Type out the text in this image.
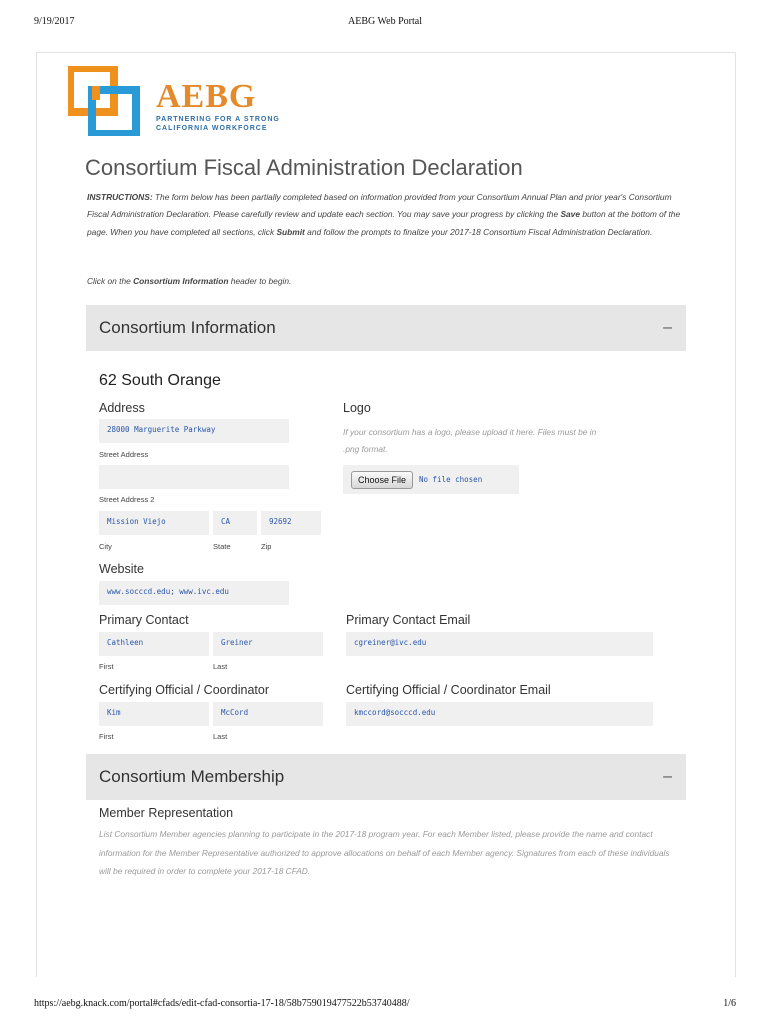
9/19/2017	AEBG Web Portal
AEBG
PARTNERING FOR A STRONG
CALIFORNIA WORKFORCE
Consortium Fiscal Administration Declaration
INSTRUCTIONS: The form below has been partially completed based on information provided from your Consortium Annual Plan and prior year's Consortium Fiscal Administration Declaration. Please carefully review and update each section. You may save your progress by clicking the Save button at the bottom of the page. When you have completed all sections, click Submit and follow the prompts to finalize your 2017-18 Consortium Fiscal Administration Declaration.
Click on the Consortium Information header to begin.
Consortium Information	–
62 South Orange
Address
28000 Marguerite Parkway
Street Address
Street Address 2
Mission Viejo	CA	92692
City	State	Zip
Logo
If your consortium has a logo, please upload it here. Files must be in .png format.
Choose File	No file chosen
Website
www.socccd.edu; www.ivc.edu
Primary Contact
Cathleen	Greiner
First	Last
Primary Contact Email
cgreiner@ivc.edu
Certifying Official / Coordinator
Kim	McCord
First	Last
Certifying Official / Coordinator Email
kmccord@socccd.edu
Consortium Membership	–
Member Representation
List Consortium Member agencies planning to participate in the 2017-18 program year. For each Member listed, please provide the name and contact information for the Member Representative authorized to approve allocations on behalf of each Member agency. Signatures from each of these individuals will be required in order to complete your 2017-18 CFAD.
https://aebg.knack.com/portal#cfads/edit-cfad-consortia-17-18/58b759019477522b53740488/	1/6
